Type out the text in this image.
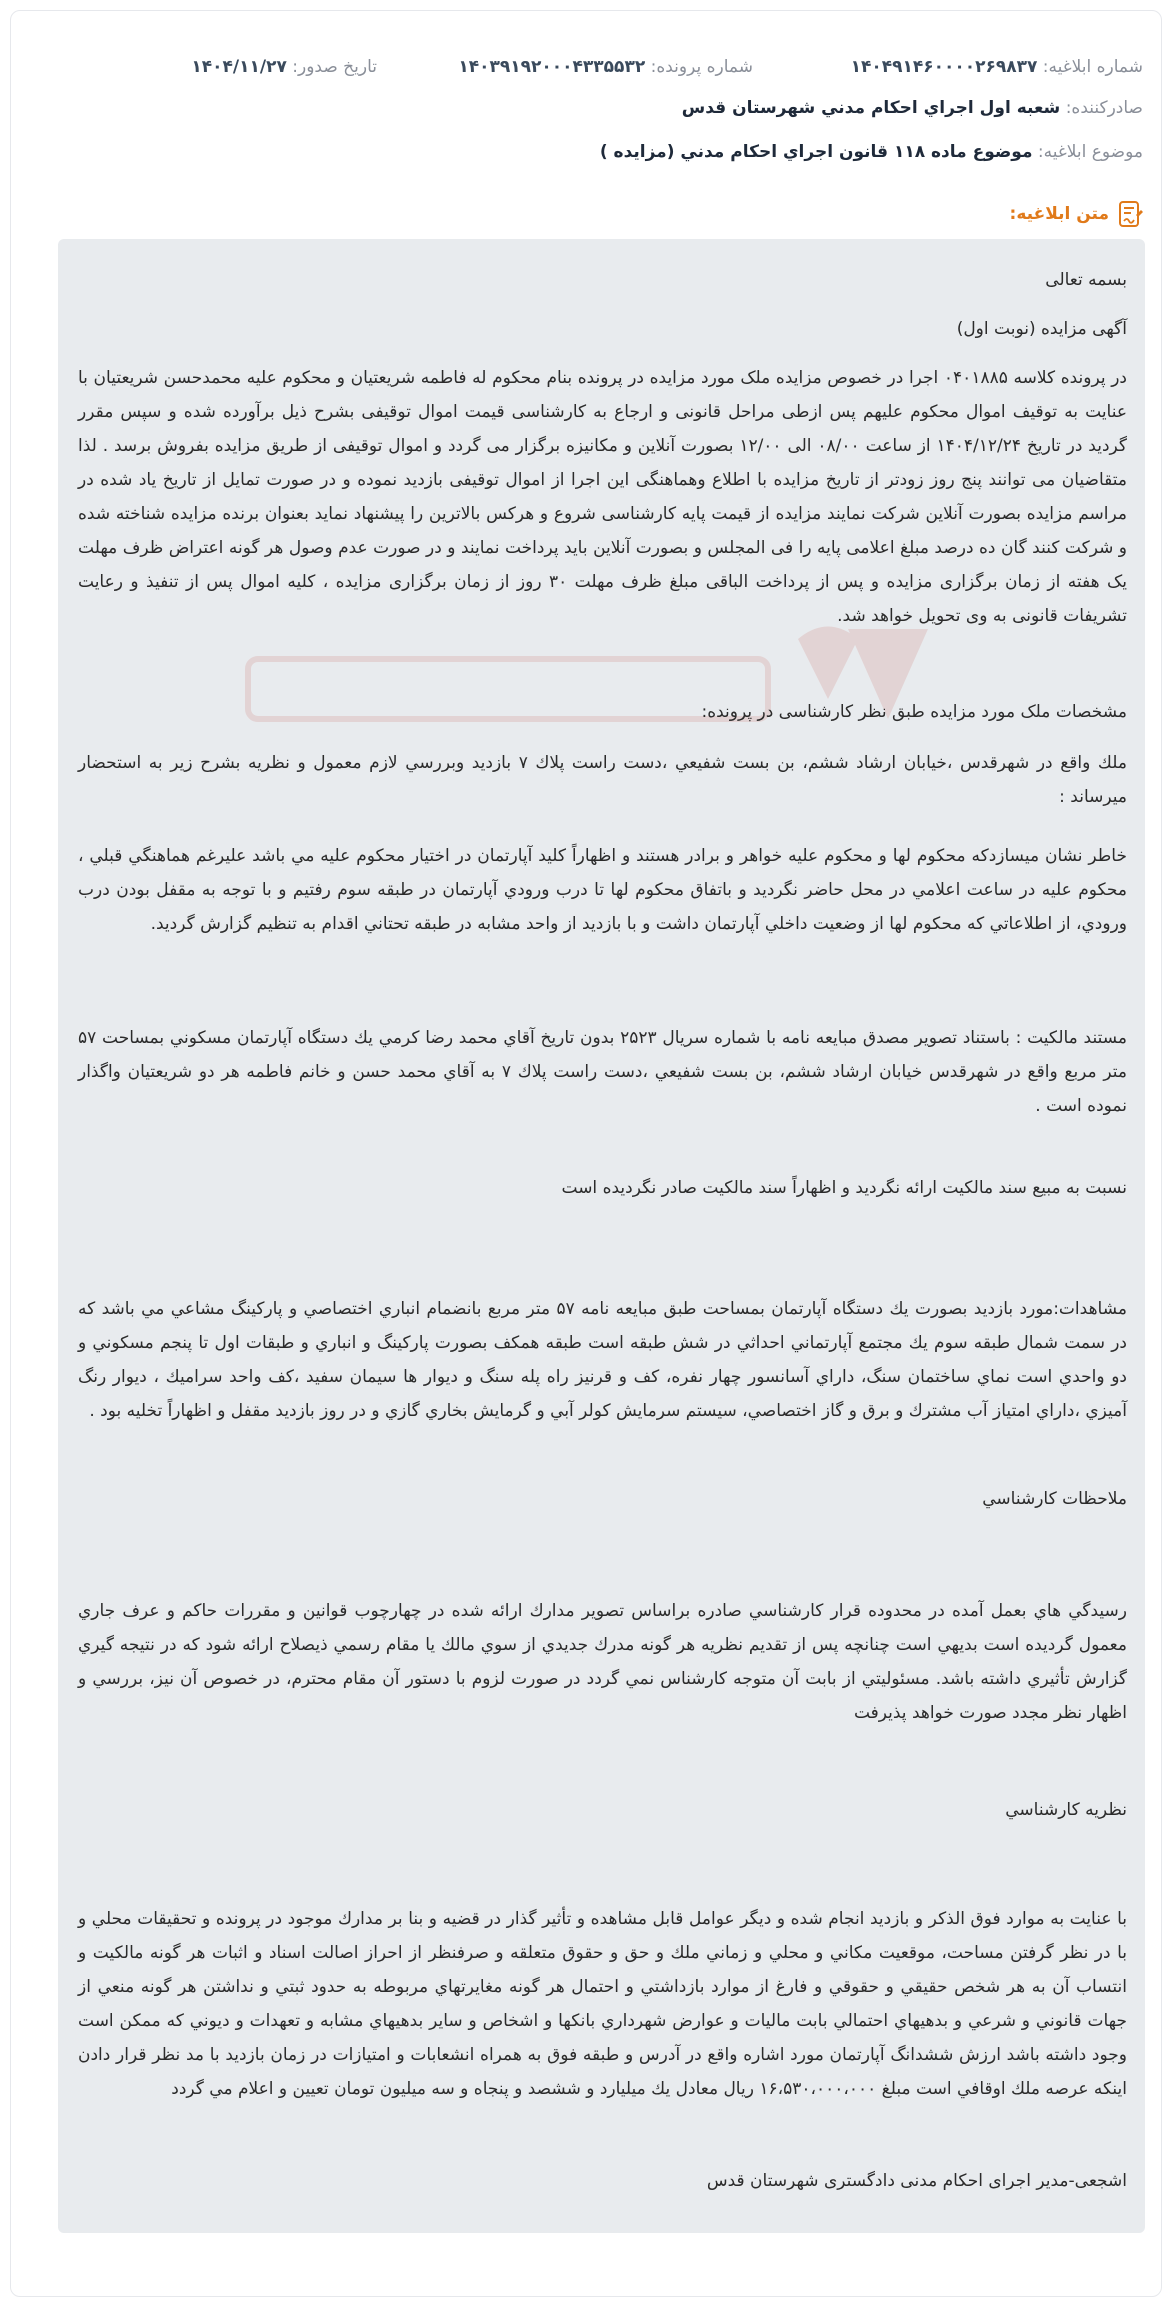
شماره ابلاغیه: ۱۴۰۴۹۱۴۶۰۰۰۰۲۶۹۸۳۷
شماره پرونده: ۱۴۰۳۹۱۹۲۰۰۰۴۳۳۵۵۳۲
تاریخ صدور: ۱۴۰۴/۱۱/۲۷
صادرکننده: شعبه اول اجراي احكام مدني شهرستان قدس
موضوع ابلاغیه: موضوع ماده ۱۱۸ قانون اجراي احكام مدني (مزايده )
متن ابلاغیه:
بسمه تعالی
آگهی مزایده (نوبت اول)
در پرونده کلاسه ۰۴۰۱۸۸۵ اجرا در خصوص مزایده ملک مورد مزایده در پرونده بنام محکوم له فاطمه شریعتیان و محکوم علیه محمدحسن شریعتیان با عنایت به توقیف اموال محکوم علیهم پس ازطی مراحل قانونی و ارجاع به کارشناسی قیمت اموال توقیفی بشرح ذیل برآورده شده و سپس مقرر گردید در تاریخ ۱۴۰۴/۱۲/۲۴ از ساعت ۰۸/۰۰ الی ۱۲/۰۰ بصورت آنلاین و مکانیزه برگزار می گردد و اموال توقیفی از طریق مزایده بفروش برسد . لذا متقاضیان می توانند پنج روز زودتر از تاریخ مزایده با اطلاع وهماهنگی این اجرا از اموال توقیفی بازدید نموده و در صورت تمایل از تاریخ یاد شده در مراسم مزایده بصورت آنلاین شرکت نمایند مزایده از قیمت پایه کارشناسی شروع و هرکس بالاترین را پیشنهاد نماید بعنوان برنده مزایده شناخته شده و شرکت کنند گان ده درصد مبلغ اعلامی پایه را فی المجلس و بصورت آنلاین باید پرداخت نمایند و در صورت عدم وصول هر گونه اعتراض ظرف مهلت یک هفته از زمان برگزاری مزایده و پس از پرداخت الباقی مبلغ ظرف مهلت ۳۰ روز از زمان برگزاری مزایده ، کلیه اموال پس از تنفیذ و رعایت تشریفات قانونی به وی تحویل خواهد شد.
مشخصات ملک مورد مزایده طبق نظر کارشناسی در پرونده:
ملك واقع در شهرقدس ،خيابان ارشاد ششم، بن بست شفيعي ،دست راست پلاك ۷ بازديد وبررسي لازم معمول و نظريه بشرح زير به استحضار ميرساند :
خاطر نشان ميسازدكه محكوم لها و محكوم عليه خواهر و برادر هستند و اظهاراً كليد آپارتمان در اختيار محكوم عليه مي باشد عليرغم هماهنگي قبلي ، محكوم عليه در ساعت اعلامي در محل حاضر نگرديد و باتفاق محكوم لها تا درب ورودي آپارتمان در طبقه سوم رفتيم و با توجه به مقفل بودن درب ورودي، از اطلاعاتي كه محكوم لها از وضعيت داخلي آپارتمان داشت و با بازديد از واحد مشابه در طبقه تحتاني اقدام به تنظيم گزارش گرديد.
مستند مالكيت : باستناد تصوير مصدق مبايعه نامه با شماره سريال ۲۵۲۳ بدون تاريخ آقاي محمد رضا كرمي يك دستگاه آپارتمان مسكوني بمساحت ۵۷ متر مربع واقع در شهرقدس خيابان ارشاد ششم، بن بست شفيعي ،دست راست پلاك ۷ به آقاي محمد حسن و خانم فاطمه هر دو شريعتيان واگذار نموده است .
نسبت به مبيع سند مالكيت ارائه نگرديد و اظهاراً سند مالكيت صادر نگرديده است
مشاهدات:مورد بازديد بصورت يك دستگاه آپارتمان بمساحت طبق مبايعه نامه ۵۷ متر مربع بانضمام انباري اختصاصي و پاركينگ مشاعي مي باشد كه در سمت شمال طبقه سوم يك مجتمع آپارتماني احداثي در شش طبقه است طبقه همكف بصورت پاركينگ و انباري و طبقات اول تا پنجم مسكوني و دو واحدي است نماي ساختمان سنگ، داراي آسانسور چهار نفره، كف و قرنيز راه پله سنگ و ديوار ها سيمان سفيد ،كف واحد سراميك ، ديوار رنگ آميزي ،داراي امتياز آب مشترك و برق و گاز اختصاصي، سيستم سرمايش كولر آبي و گرمايش بخاري گازي و در روز بازديد مقفل و اظهاراً تخليه بود .
ملاحظات كارشناسي
رسيدگي هاي بعمل آمده در محدوده قرار كارشناسي صادره براساس تصوير مدارك ارائه شده در چهارچوب قوانين و مقررات حاكم و عرف جاري معمول گرديده است بديهي است چنانچه پس از تقديم نظريه هر گونه مدرك جديدي از سوي مالك يا مقام رسمي ذيصلاح ارائه شود كه در نتيجه گيري گزارش تأثيري داشته باشد. مسئوليتي از بابت آن متوجه كارشناس نمي گردد در صورت لزوم با دستور آن مقام محترم، در خصوص آن نيز، بررسي و اظهار نظر مجدد صورت خواهد پذيرفت
نظريه كارشناسي
با عنايت به موارد فوق الذكر و بازديد انجام شده و ديگر عوامل قابل مشاهده و تأثير گذار در قضيه و بنا بر مدارك موجود در پرونده و تحقيقات محلي و با در نظر گرفتن مساحت، موقعيت مكاني و محلي و زماني ملك و حق و حقوق متعلقه و صرفنظر از احراز اصالت اسناد و اثبات هر گونه مالكيت و انتساب آن به هر شخص حقيقي و حقوقي و فارغ از موارد بازداشتي و احتمال هر گونه مغايرتهاي مربوطه به حدود ثبتي و نداشتن هر گونه منعي از جهات قانوني و شرعي و بدهيهاي احتمالي بابت ماليات و عوارض شهرداري بانكها و اشخاص و ساير بدهيهاي مشابه و تعهدات و ديوني كه ممكن است وجود داشته باشد ارزش ششدانگ آپارتمان مورد اشاره واقع در آدرس و طبقه فوق به همراه انشعابات و امتيازات در زمان بازديد با مد نظر قرار دادن اينكه عرصه ملك اوقافي است مبلغ ۱۶،۵۳۰،۰۰۰،۰۰۰ ريال معادل يك ميلیارد و ششصد و پنجاه و سه ميليون تومان تعيين و اعلام مي گردد
اشجعی-مدیر اجرای احکام مدنی دادگستری شهرستان قدس
